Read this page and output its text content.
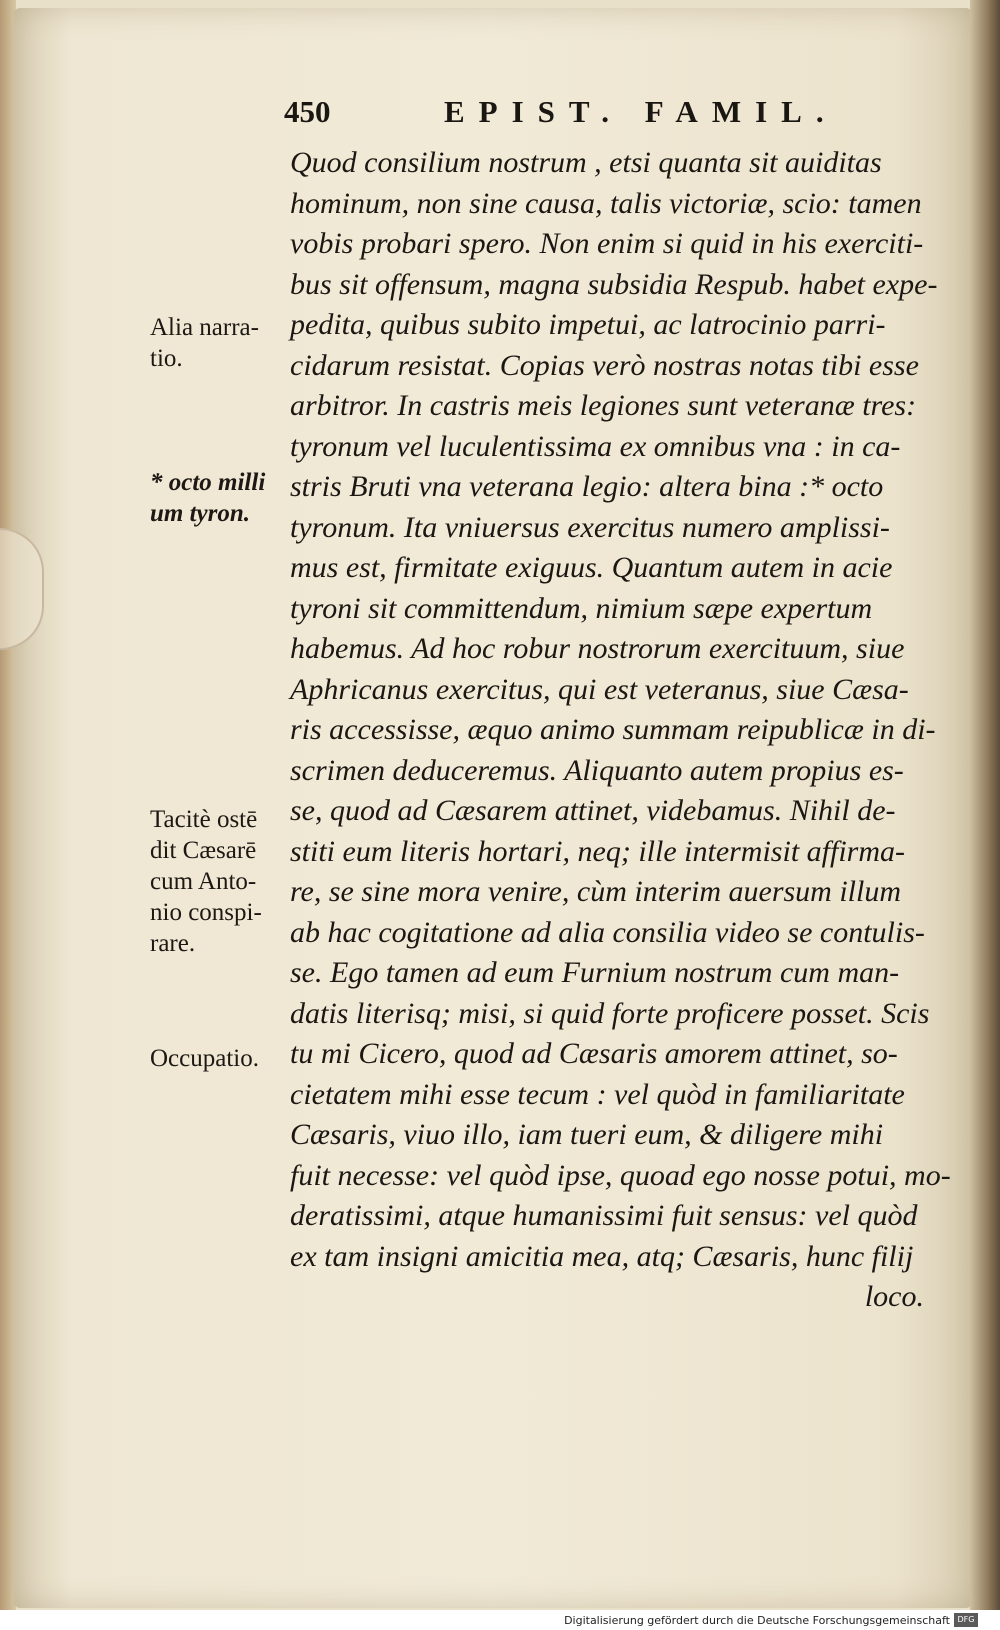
450	EPIST. FAMIL.
Quod consilium nostrum , etsi quanta sit auiditas
hominum, non sine causa, talis victoriæ, scio: tamen
vobis probari spero. Non enim si quid in his exerciti-
bus sit offensum, magna subsidia Respub. habet expe-
pedita, quibus subito impetui, ac latrocinio parri-
cidarum resistat. Copias verò nostras notas tibi esse
arbitror. In castris meis legiones sunt veteranæ tres:
tyronum vel luculentissima ex omnibus vna : in ca-
stris Bruti vna veterana legio: altera bina :* octo
tyronum. Ita vniuersus exercitus numero amplissi-
mus est, firmitate exiguus. Quantum autem in acie
tyroni sit committendum, nimium sæpe expertum
habemus. Ad hoc robur nostrorum exercituum, siue
Aphricanus exercitus, qui est veteranus, siue Cæsa-
ris accessisse, æquo animo summam reipublicæ in di-
scrimen deduceremus. Aliquanto autem propius es-
se, quod ad Cæsarem attinet, videbamus. Nihil de-
stiti eum literis hortari, neq; ille intermisit affirma-
re, se sine mora venire, cùm interim auersum illum
ab hac cogitatione ad alia consilia video se contulis-
se. Ego tamen ad eum Furnium nostrum cum man-
datis literisq; misi, si quid forte proficere posset. Scis
tu mi Cicero, quod ad Cæsaris amorem attinet, so-
cietatem mihi esse tecum : vel quòd in familiaritate
Cæsaris, viuo illo, iam tueri eum, & diligere mihi
fuit necesse: vel quòd ipse, quoad ego nosse potui, mo-
deratissimi, atque humanissimi fuit sensus: vel quòd
ex tam insigni amicitia mea, atq; Cæsaris, hunc filij
loco.
Alia narra-
tio.
* octo milli
um tyron.
Tacitè ostē
dit Cæsarē
cum Anto-
nio conspi-
rare.
Occupatio.
Digitalisierung gefördert durch die Deutsche Forschungsgemeinschaft DFG
